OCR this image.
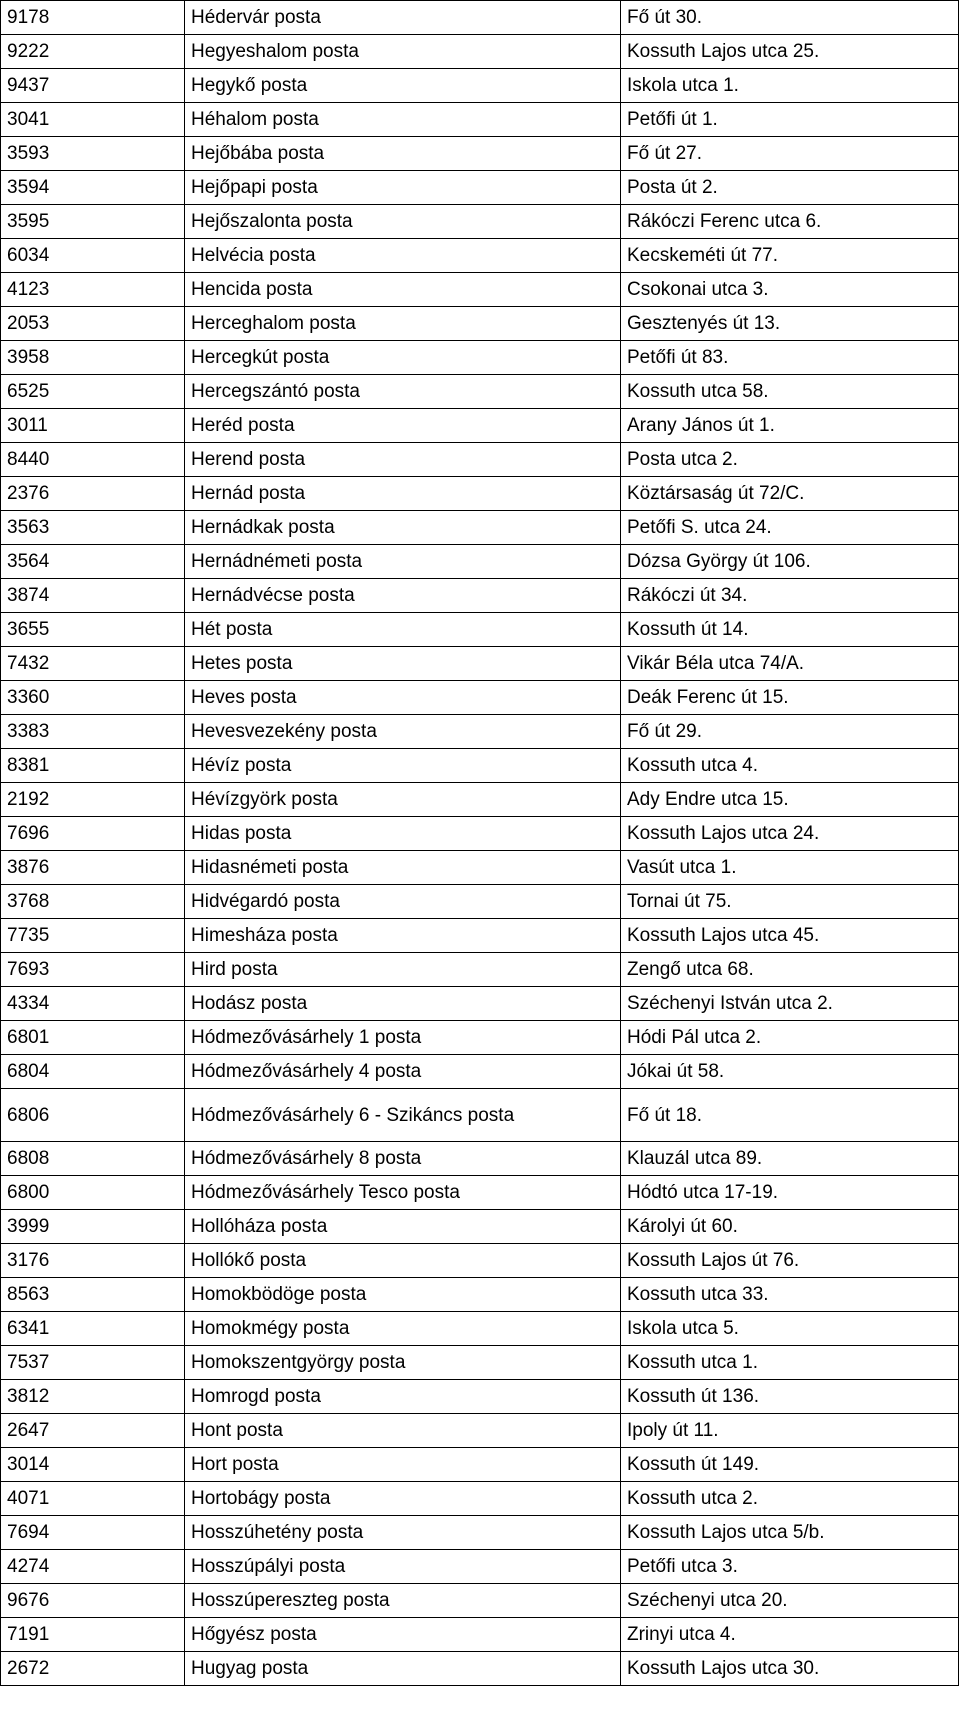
9178	Hédervár posta	Fő út 30.
9222	Hegyeshalom posta	Kossuth Lajos utca 25.
9437	Hegykő posta	Iskola utca 1.
3041	Héhalom posta	Petőfi út 1.
3593	Hejőbába posta	Fő út 27.
3594	Hejőpapi posta	Posta út 2.
3595	Hejőszalonta posta	Rákóczi Ferenc utca 6.
6034	Helvécia posta	Kecskeméti út 77.
4123	Hencida posta	Csokonai utca 3.
2053	Herceghalom posta	Gesztenyés út 13.
3958	Hercegkút posta	Petőfi út 83.
6525	Hercegszántó posta	Kossuth utca 58.
3011	Heréd posta	Arany János út 1.
8440	Herend posta	Posta utca 2.
2376	Hernád posta	Köztársaság út 72/C.
3563	Hernádkak posta	Petőfi S. utca 24.
3564	Hernádnémeti posta	Dózsa György út 106.
3874	Hernádvécse posta	Rákóczi út 34.
3655	Hét posta	Kossuth út 14.
7432	Hetes posta	Vikár Béla utca 74/A.
3360	Heves posta	Deák Ferenc út 15.
3383	Hevesvezekény posta	Fő út 29.
8381	Hévíz posta	Kossuth utca 4.
2192	Hévízgyörk posta	Ady Endre utca 15.
7696	Hidas posta	Kossuth Lajos utca 24.
3876	Hidasnémeti posta	Vasút utca 1.
3768	Hidvégardó posta	Tornai út 75.
7735	Himesháza posta	Kossuth Lajos utca 45.
7693	Hird posta	Zengő utca 68.
4334	Hodász posta	Széchenyi István utca 2.
6801	Hódmezővásárhely 1 posta	Hódi Pál utca 2.
6804	Hódmezővásárhely 4 posta	Jókai út 58.
6806	Hódmezővásárhely 6 - Szikáncs posta	Fő út 18.
6808	Hódmezővásárhely 8 posta	Klauzál utca 89.
6800	Hódmezővásárhely Tesco posta	Hódtó utca 17-19.
3999	Hollóháza posta	Károlyi út 60.
3176	Hollókő posta	Kossuth Lajos út 76.
8563	Homokbödöge posta	Kossuth utca 33.
6341	Homokmégy posta	Iskola utca 5.
7537	Homokszentgyörgy posta	Kossuth utca 1.
3812	Homrogd posta	Kossuth út 136.
2647	Hont posta	Ipoly út 11.
3014	Hort posta	Kossuth út 149.
4071	Hortobágy posta	Kossuth utca 2.
7694	Hosszúhetény posta	Kossuth Lajos utca 5/b.
4274	Hosszúpályi posta	Petőfi utca 3.
9676	Hosszúpereszteg posta	Széchenyi utca 20.
7191	Hőgyész posta	Zrinyi utca 4.
2672	Hugyag posta	Kossuth Lajos utca 30.
